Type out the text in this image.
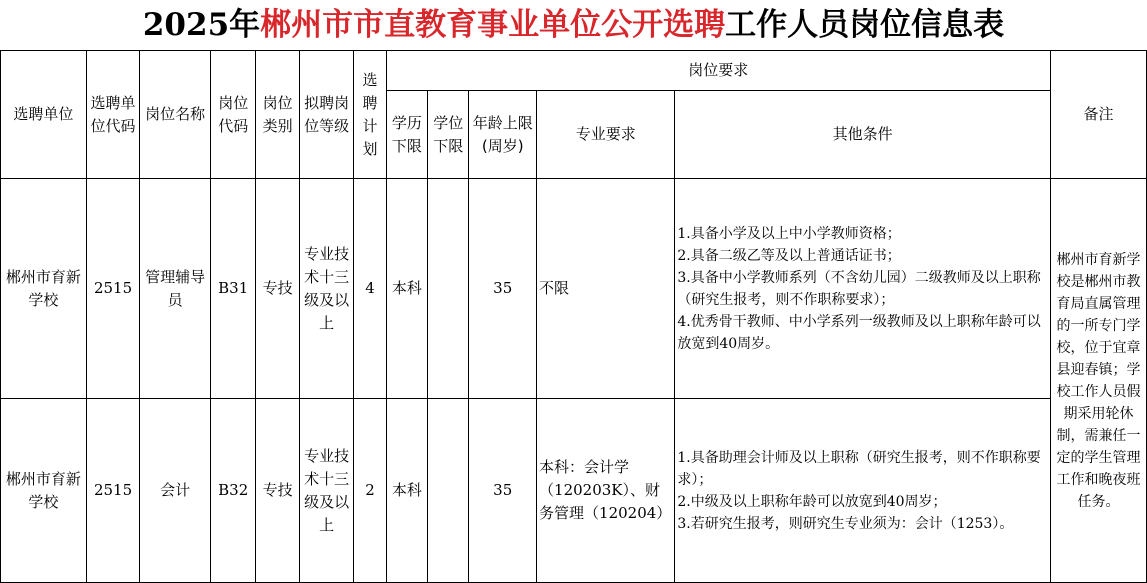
2025年郴州市市直教育事业单位公开选聘工作人员岗位信息表
选聘单位	选聘单位代码	岗位名称	岗位代码	岗位类别	拟聘岗位等级	选聘计划	岗位要求					备注
							学历下限	学位下限	年龄上限(周岁)	专业要求	其他条件	
郴州市育新学校	2515	管理辅导员	B31	专技	专业技术十三级及以上	4	本科		35	不限	1.具备小学及以上中小学教师资格；
2.具备二级乙等及以上普通话证书；
3.具备中小学教师系列（不含幼儿园）二级教师及以上职称（研究生报考，则不作职称要求）；
4.优秀骨干教师、中小学系列一级教师及以上职称年龄可以放宽到40周岁。	郴州市育新学校是郴州市教育局直属管理的一所专门学校，位于宜章县迎春镇；学校工作人员假期采用轮休制，需兼任一定的学生管理工作和晚夜班任务。
郴州市育新学校	2515	会计	B32	专技	专业技术十三级及以上	2	本科		35	本科：会计学（120203K）、财务管理（120204）	1.具备助理会计师及以上职称（研究生报考，则不作职称要求）；
2.中级及以上职称年龄可以放宽到40周岁；
3.若研究生报考，则研究生专业须为：会计（1253）。	
